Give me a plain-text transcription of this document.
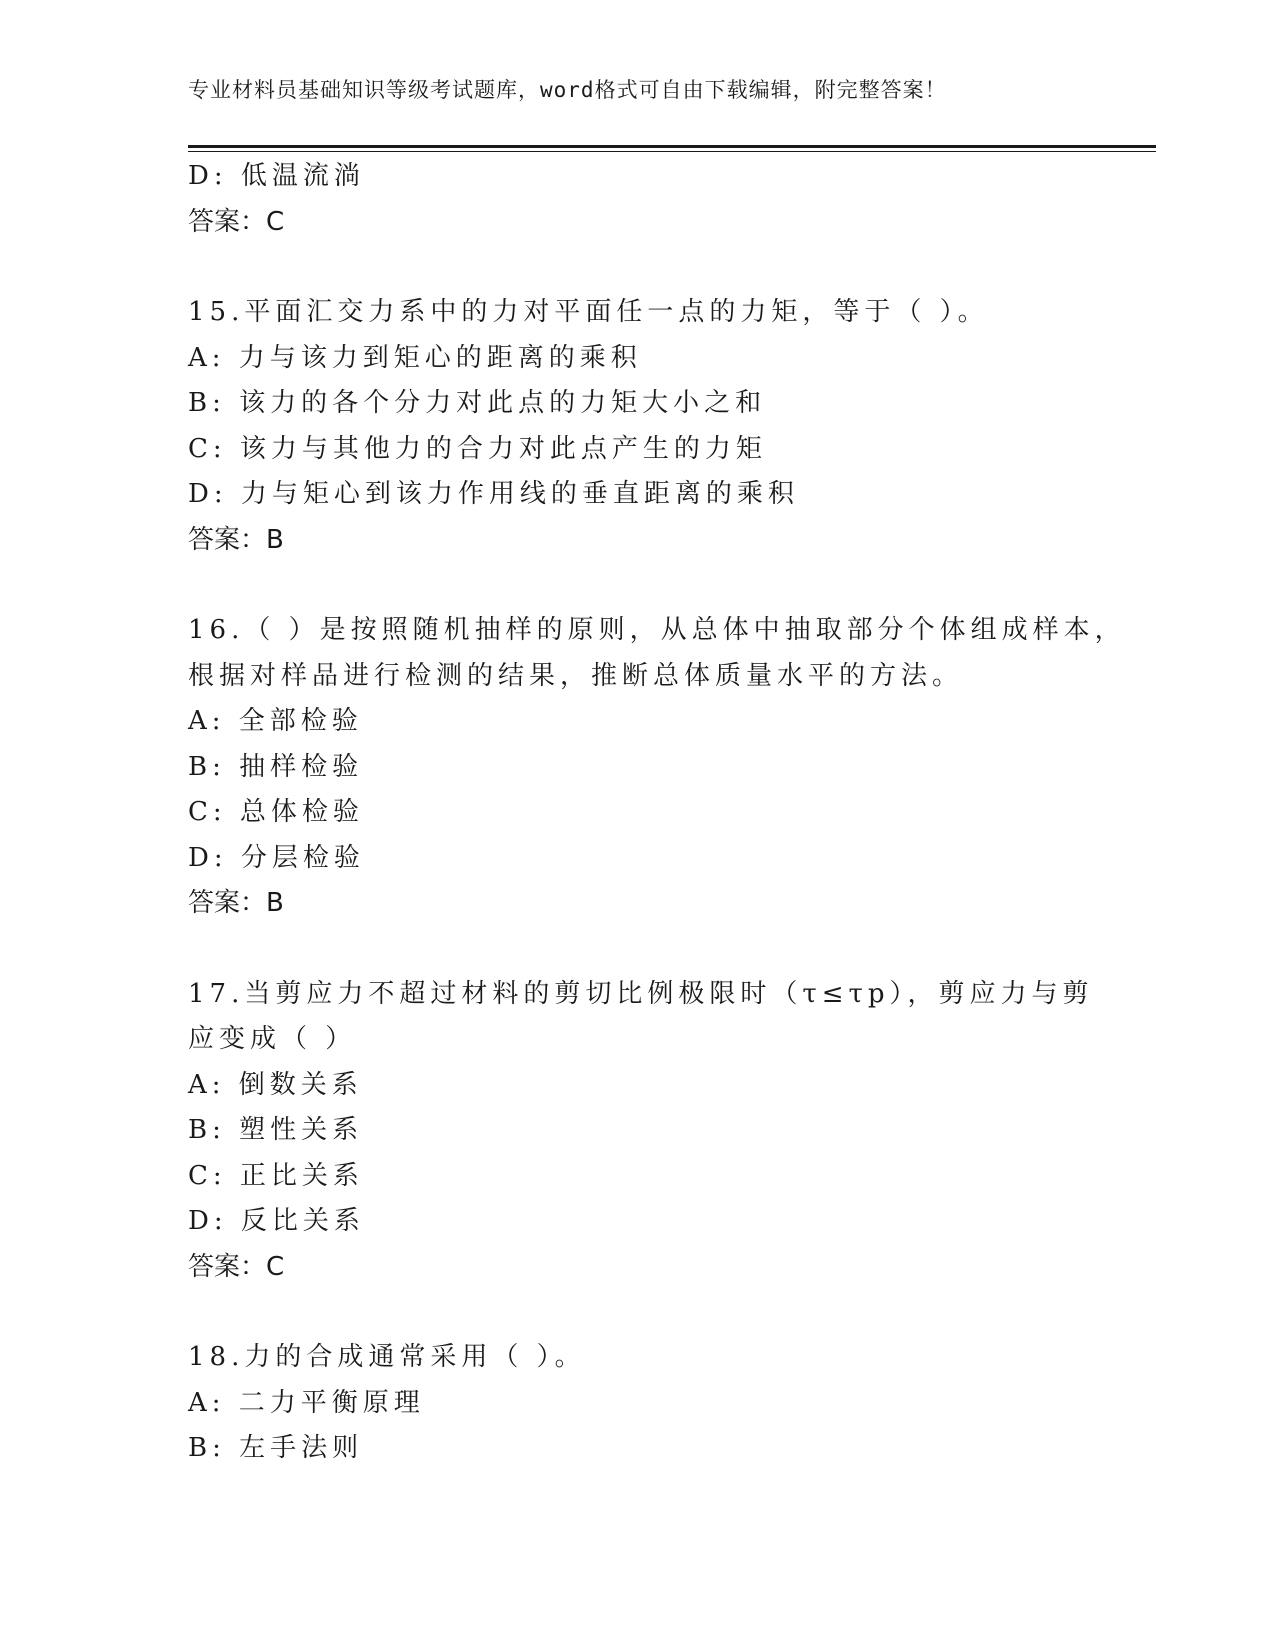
专业材料员基础知识等级考试题库，word格式可自由下载编辑，附完整答案！
D: 低温流淌
答案：C
15.平面汇交力系中的力对平面任一点的力矩，等于（ ）。
A: 力与该力到矩心的距离的乘积
B: 该力的各个分力对此点的力矩大小之和
C: 该力与其他力的合力对此点产生的力矩
D: 力与矩心到该力作用线的垂直距离的乘积
答案：B
16.（ ）是按照随机抽样的原则，从总体中抽取部分个体组成样本，
根据对样品进行检测的结果，推断总体质量水平的方法。
A: 全部检验
B: 抽样检验
C: 总体检验
D: 分层检验
答案：B
17.当剪应力不超过材料的剪切比例极限时（τ≤τp），剪应力与剪
应变成（ ）
A: 倒数关系
B: 塑性关系
C: 正比关系
D: 反比关系
答案：C
18.力的合成通常采用（ ）。
A: 二力平衡原理
B: 左手法则
